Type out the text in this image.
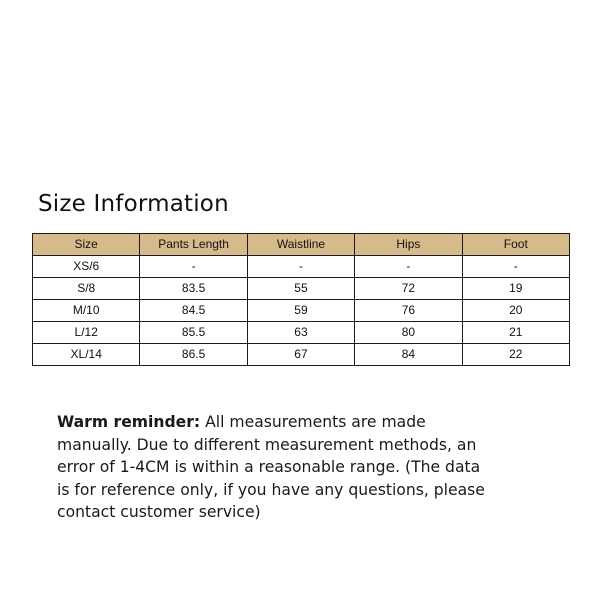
Size Information
Size	Pants Length	Waistline	Hips	Foot
XS/6	-	-	-	-
S/8	83.5	55	72	19
M/10	84.5	59	76	20
L/12	85.5	63	80	21
XL/14	86.5	67	84	22

Warm reminder: All measurements are made
manually. Due to different measurement methods, an
error of 1-4CM is within a reasonable range. (The data
is for reference only, if you have any questions, please
contact customer service)
